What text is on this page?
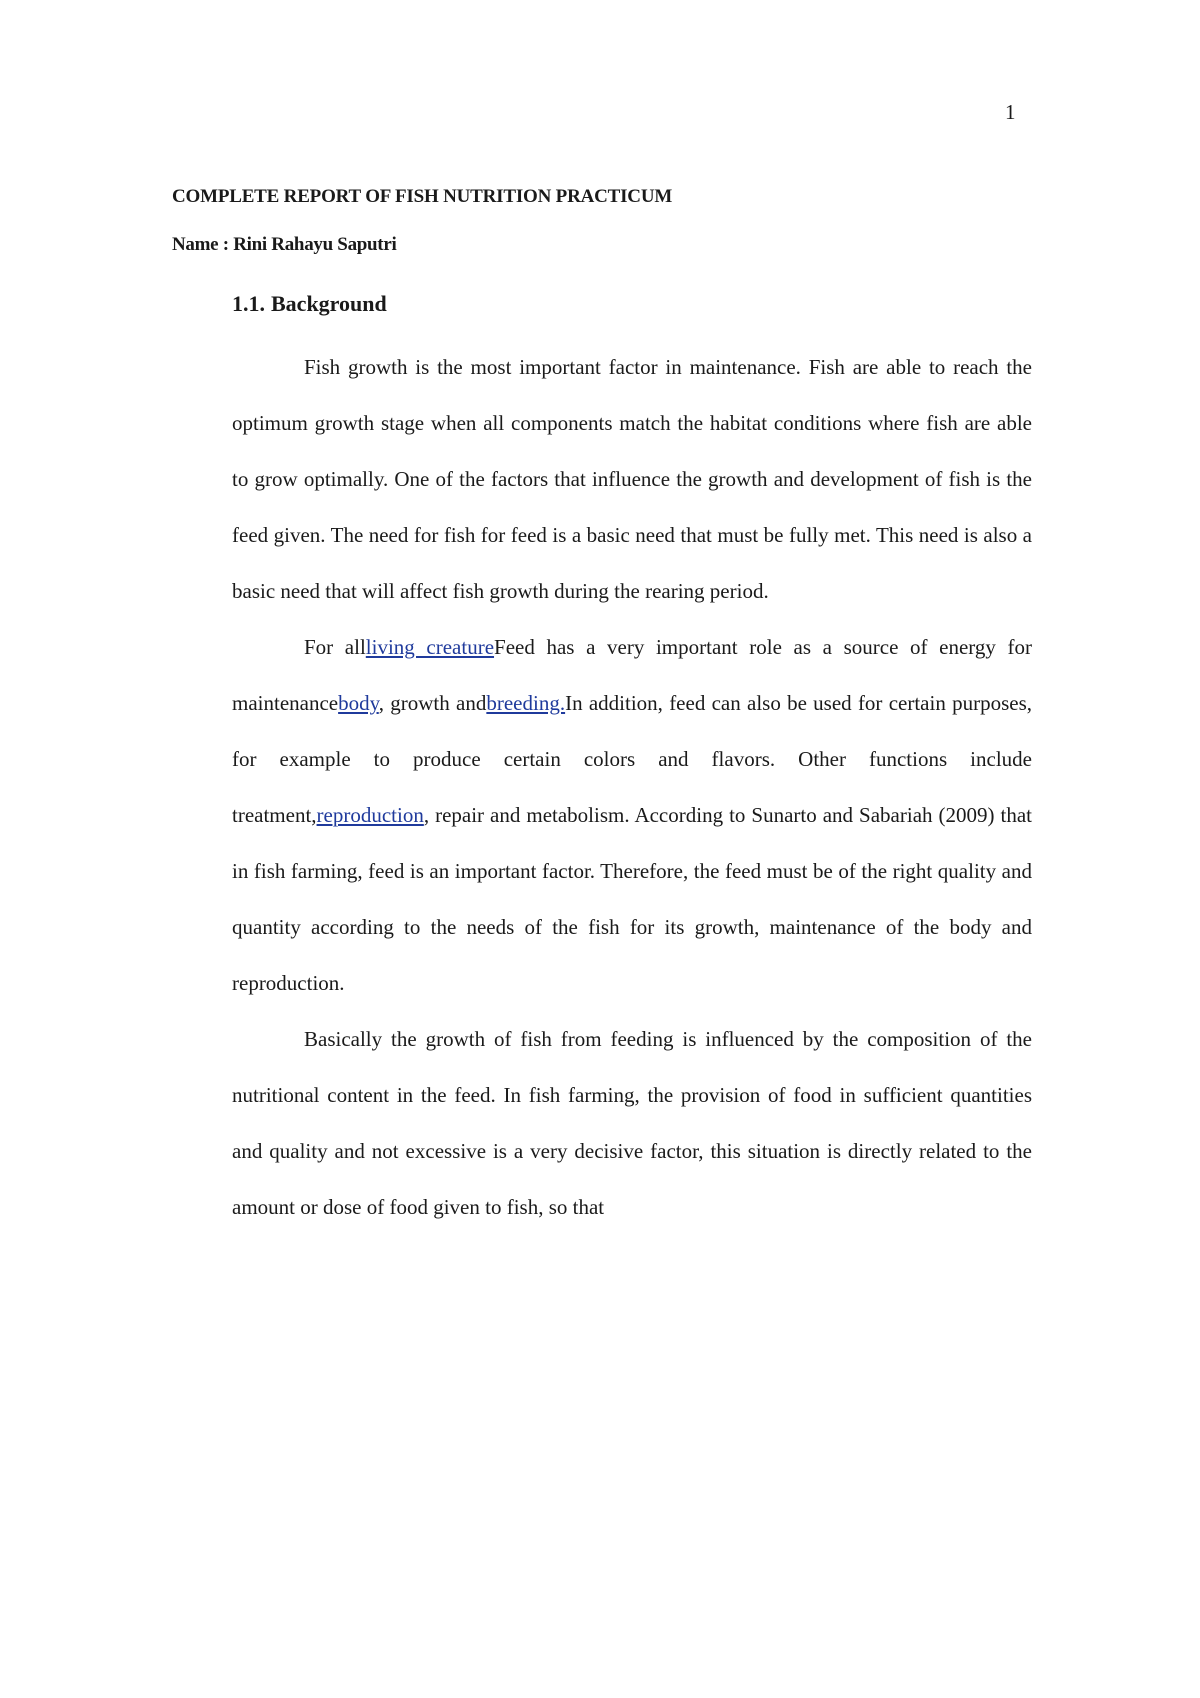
1
COMPLETE REPORT OF FISH NUTRITION PRACTICUM

Name : Rini Rahayu Saputri

1.1. Background

Fish growth is the most important factor in maintenance. Fish are able to reach the optimum growth stage when all components match the habitat conditions where fish are able to grow optimally. One of the factors that influence the growth and development of fish is the feed given. The need for fish for feed is a basic need that must be fully met. This need is also a basic need that will affect fish growth during the rearing period.

For allliving creatureFeed has a very important role as a source of energy for maintenancebody, growth andbreeding.In addition, feed can also be used for certain purposes, for example to produce certain colors and flavors. Other functions include treatment,reproduction, repair and metabolism. According to Sunarto and Sabariah (2009) that in fish farming, feed is an important factor. Therefore, the feed must be of the right quality and quantity according to the needs of the fish for its growth, maintenance of the body and reproduction.

Basically the growth of fish from feeding is influenced by the composition of the nutritional content in the feed. In fish farming, the provision of food in sufficient quantities and quality and not excessive is a very decisive factor, this situation is directly related to the amount or dose of food given to fish, so that
